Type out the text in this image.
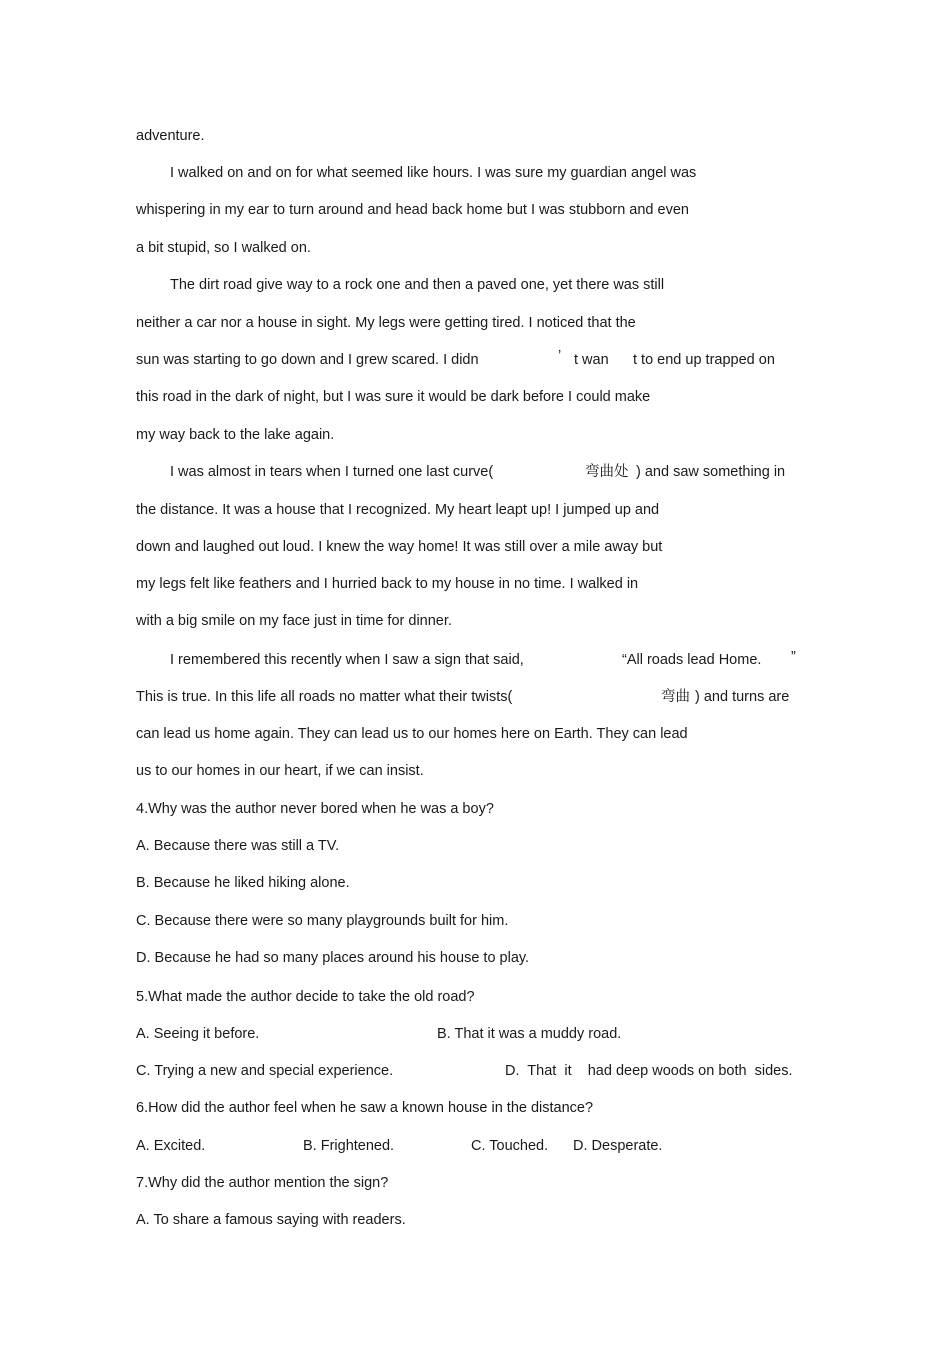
adventure.
I walked on and on for what seemed like hours. I was sure my guardian angel was
whispering in my ear to turn around and head back home but I was stubborn and even
a bit stupid, so I walked on.
The dirt road give way to a rock one and then a paved one, yet there was still
neither a car nor a house in sight. My legs were getting tired. I noticed that the
sun was starting to go down and I grew scared. I didn	’ t wan t to end up trapped on
this road in the dark of night, but I was sure it would be dark before I could make
my way back to the lake again.
I was almost in tears when I turned one last curve(	弯曲处 ) and saw something in
the distance. It was a house that I recognized. My heart leapt up! I jumped up and
down and laughed out loud. I knew the way home! It was still over a mile away but
my legs felt like feathers and I hurried back to my house in no time. I walked in
with a big smile on my face just in time for dinner.
I remembered this recently when I saw a sign that said,	“All roads lead Home. ”
This is true. In this life all roads no matter what their twists(	弯曲 ) and turns are
can lead us home again. They can lead us to our homes here on Earth. They can lead
us to our homes in our heart, if we can insist.
4.Why was the author never bored when he was a boy?
A. Because there was still a TV.
B. Because he liked hiking alone.
C. Because there were so many playgrounds built for him.
D. Because he had so many places around his house to play.
5.What made the author decide to take the old road?
A. Seeing it before.	B. That it was a muddy road.
C. Trying a new and special experience.	D.  That  it    had deep woods on both  sides.
6.How did the author feel when he saw a known house in the distance?
A. Excited.	B. Frightened.	C. Touched. D. Desperate.
7.Why did the author mention the sign?
A. To share a famous saying with readers.
